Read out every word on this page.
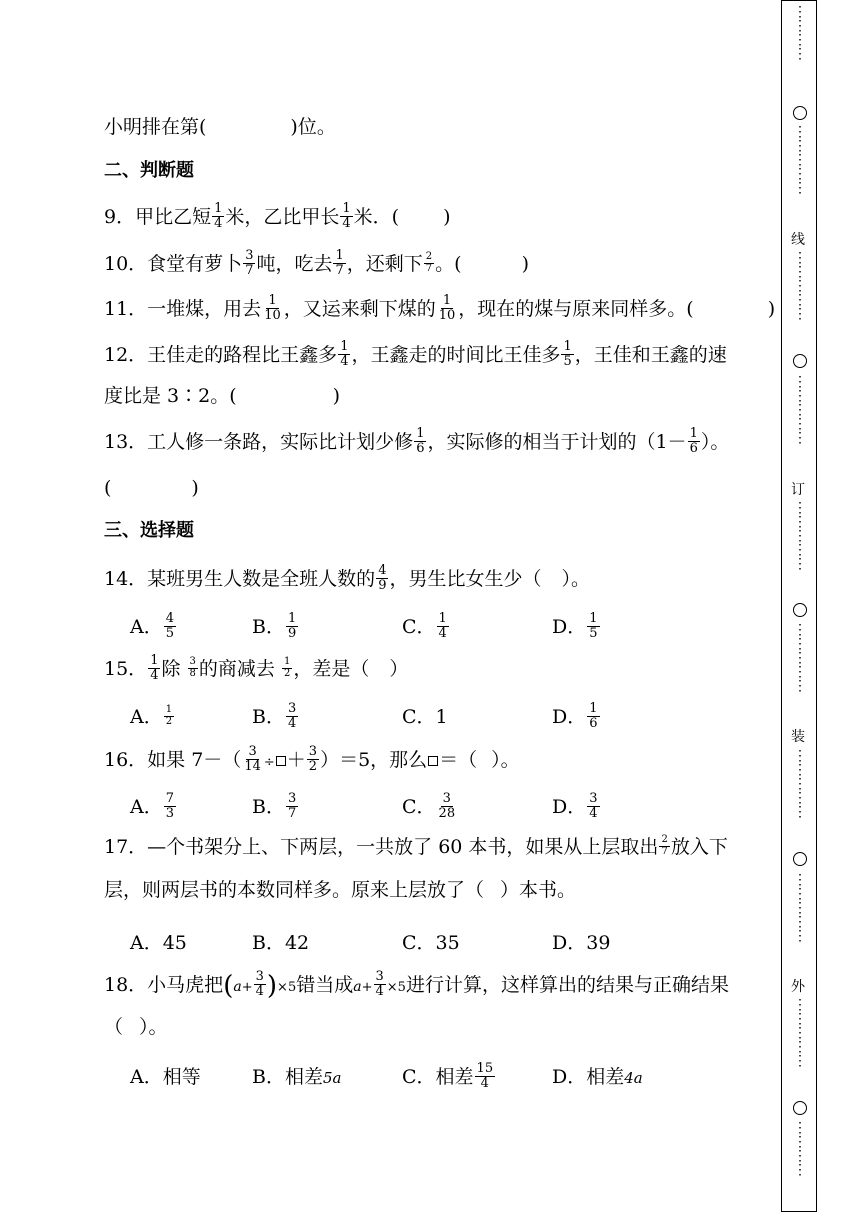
小明排在第(	)位。
二、判断题
9．甲比乙短 $\frac{1}{4}$ 米，乙比甲长 $\frac{1}{4}$ 米．( )
10．食堂有萝卜 $\frac{3}{7}$ 吨，吃去 $\frac{1}{7}$ ，还剩下 $\frac{2}{7}$ 。(	)
11．一堆煤，用去 $\frac{1}{10}$ ，又运来剩下煤的 $\frac{1}{10}$ ，现在的煤与原来同样多。(	)
12．王佳走的路程比王鑫多 $\frac{1}{4}$ ，王鑫走的时间比王佳多 $\frac{1}{5}$ ，王佳和王鑫的速
度比是 3∶2。(	)
13．工人修一条路，实际比计划少修 $\frac{1}{6}$ ，实际修的相当于计划的（$1- \frac{1}{6}$ ）。
(	)
三、选择题
14．某班男生人数是全班人数的 $\frac{4}{9}$ ，男生比女生少（ ）。
A． $\frac{4}{5}$	B． $\frac{1}{9}$	C． $\frac{1}{4}$	D． $\frac{1}{5}$
15． $\frac{1}{4}$ 除 $\frac{3}{8}$ 的商减去 $\frac{1}{2}$ ，差是（ ）
A． $\frac{1}{2}$	B． $\frac{3}{4}$	C．1	D． $\frac{1}{6}$
16．如果 $7-( \frac{3}{14}$ ÷ ＋ $\frac{3}{2} )=5$，那么 ＝（ ）。
A． $\frac{7}{3}$	B． $\frac{3}{7}$	C． $\frac{3}{28}$	D． $\frac{3}{4}$
17．—个书架分上、下两层，一共放了 60 本书，如果从上层取出 $\frac{2}{7}$ 放入下
层，则两层书的本数同样多。原来上层放了（ ）本书。
A．45	B．42	C．35	D．39
18．小马虎把$(a+ \frac{3}{4} )\times 5$错当成$a+ \frac{3}{4} \times 5$进行计算，这样算出的结果与正确结果
（ ）。
A．相等	B．相差5a	C．相差 $\frac{15}{4}$	D．相差4a
⋮
⋮
⋮
⋮
⋮
⋮
⋮
⋮
⋮
线
⋮
⋮
⋮
⋮
⋮
⋮
⋮
⋮
⋮
⋮
订
⋮
⋮
⋮
⋮
⋮
⋮
⋮
⋮
⋮
⋮
装
⋮
⋮
⋮
⋮
⋮
⋮
⋮
⋮
⋮
⋮
外
⋮
⋮
⋮
⋮
⋮
⋮
⋮
⋮
⋮
